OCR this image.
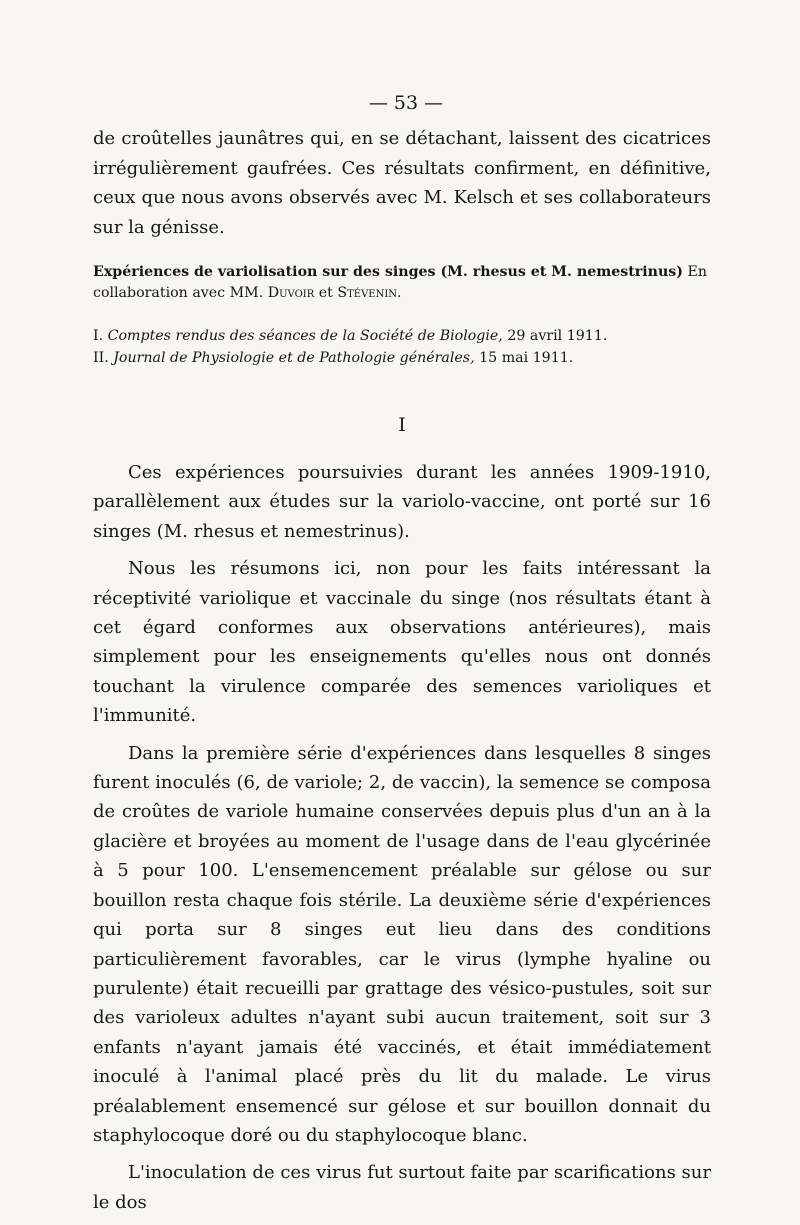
— 53 —
de croûtelles jaunâtres qui, en se détachant, laissent des cicatrices irrégulièrement gaufrées. Ces résultats confirment, en définitive, ceux que nous avons observés avec M. Kelsch et ses collaborateurs sur la génisse.
Expériences de variolisation sur des singes (M. rhesus et M. nemestrinus) En collaboration avec MM. Duvoir et Stévenin.
I. Comptes rendus des séances de la Société de Biologie, 29 avril 1911.
II. Journal de Physiologie et de Pathologie générales, 15 mai 1911.
I

Ces expériences poursuivies durant les années 1909-1910, parallèlement aux études sur la variolo-vaccine, ont porté sur 16 singes (M. rhesus et nemestrinus).

Nous les résumons ici, non pour les faits intéressant la réceptivité variolique et vaccinale du singe (nos résultats étant à cet égard conformes aux observations antérieures), mais simplement pour les enseignements qu'elles nous ont donnés touchant la virulence comparée des semences varioliques et l'immunité.

Dans la première série d'expériences dans lesquelles 8 singes furent inoculés (6, de variole; 2, de vaccin), la semence se composa de croûtes de variole humaine conservées depuis plus d'un an à la glacière et broyées au moment de l'usage dans de l'eau glycérinée à 5 pour 100. L'ensemencement préalable sur gélose ou sur bouillon resta chaque fois stérile. La deuxième série d'expériences qui porta sur 8 singes eut lieu dans des conditions particulièrement favorables, car le virus (lymphe hyaline ou purulente) était recueilli par grattage des vésico-pustules, soit sur des varioleux adultes n'ayant subi aucun traitement, soit sur 3 enfants n'ayant jamais été vaccinés, et était immédiatement inoculé à l'animal placé près du lit du malade. Le virus préalablement ensemencé sur gélose et sur bouillon donnait du staphylocoque doré ou du staphylocoque blanc.

L'inoculation de ces virus fut surtout faite par scarifications sur le dos
